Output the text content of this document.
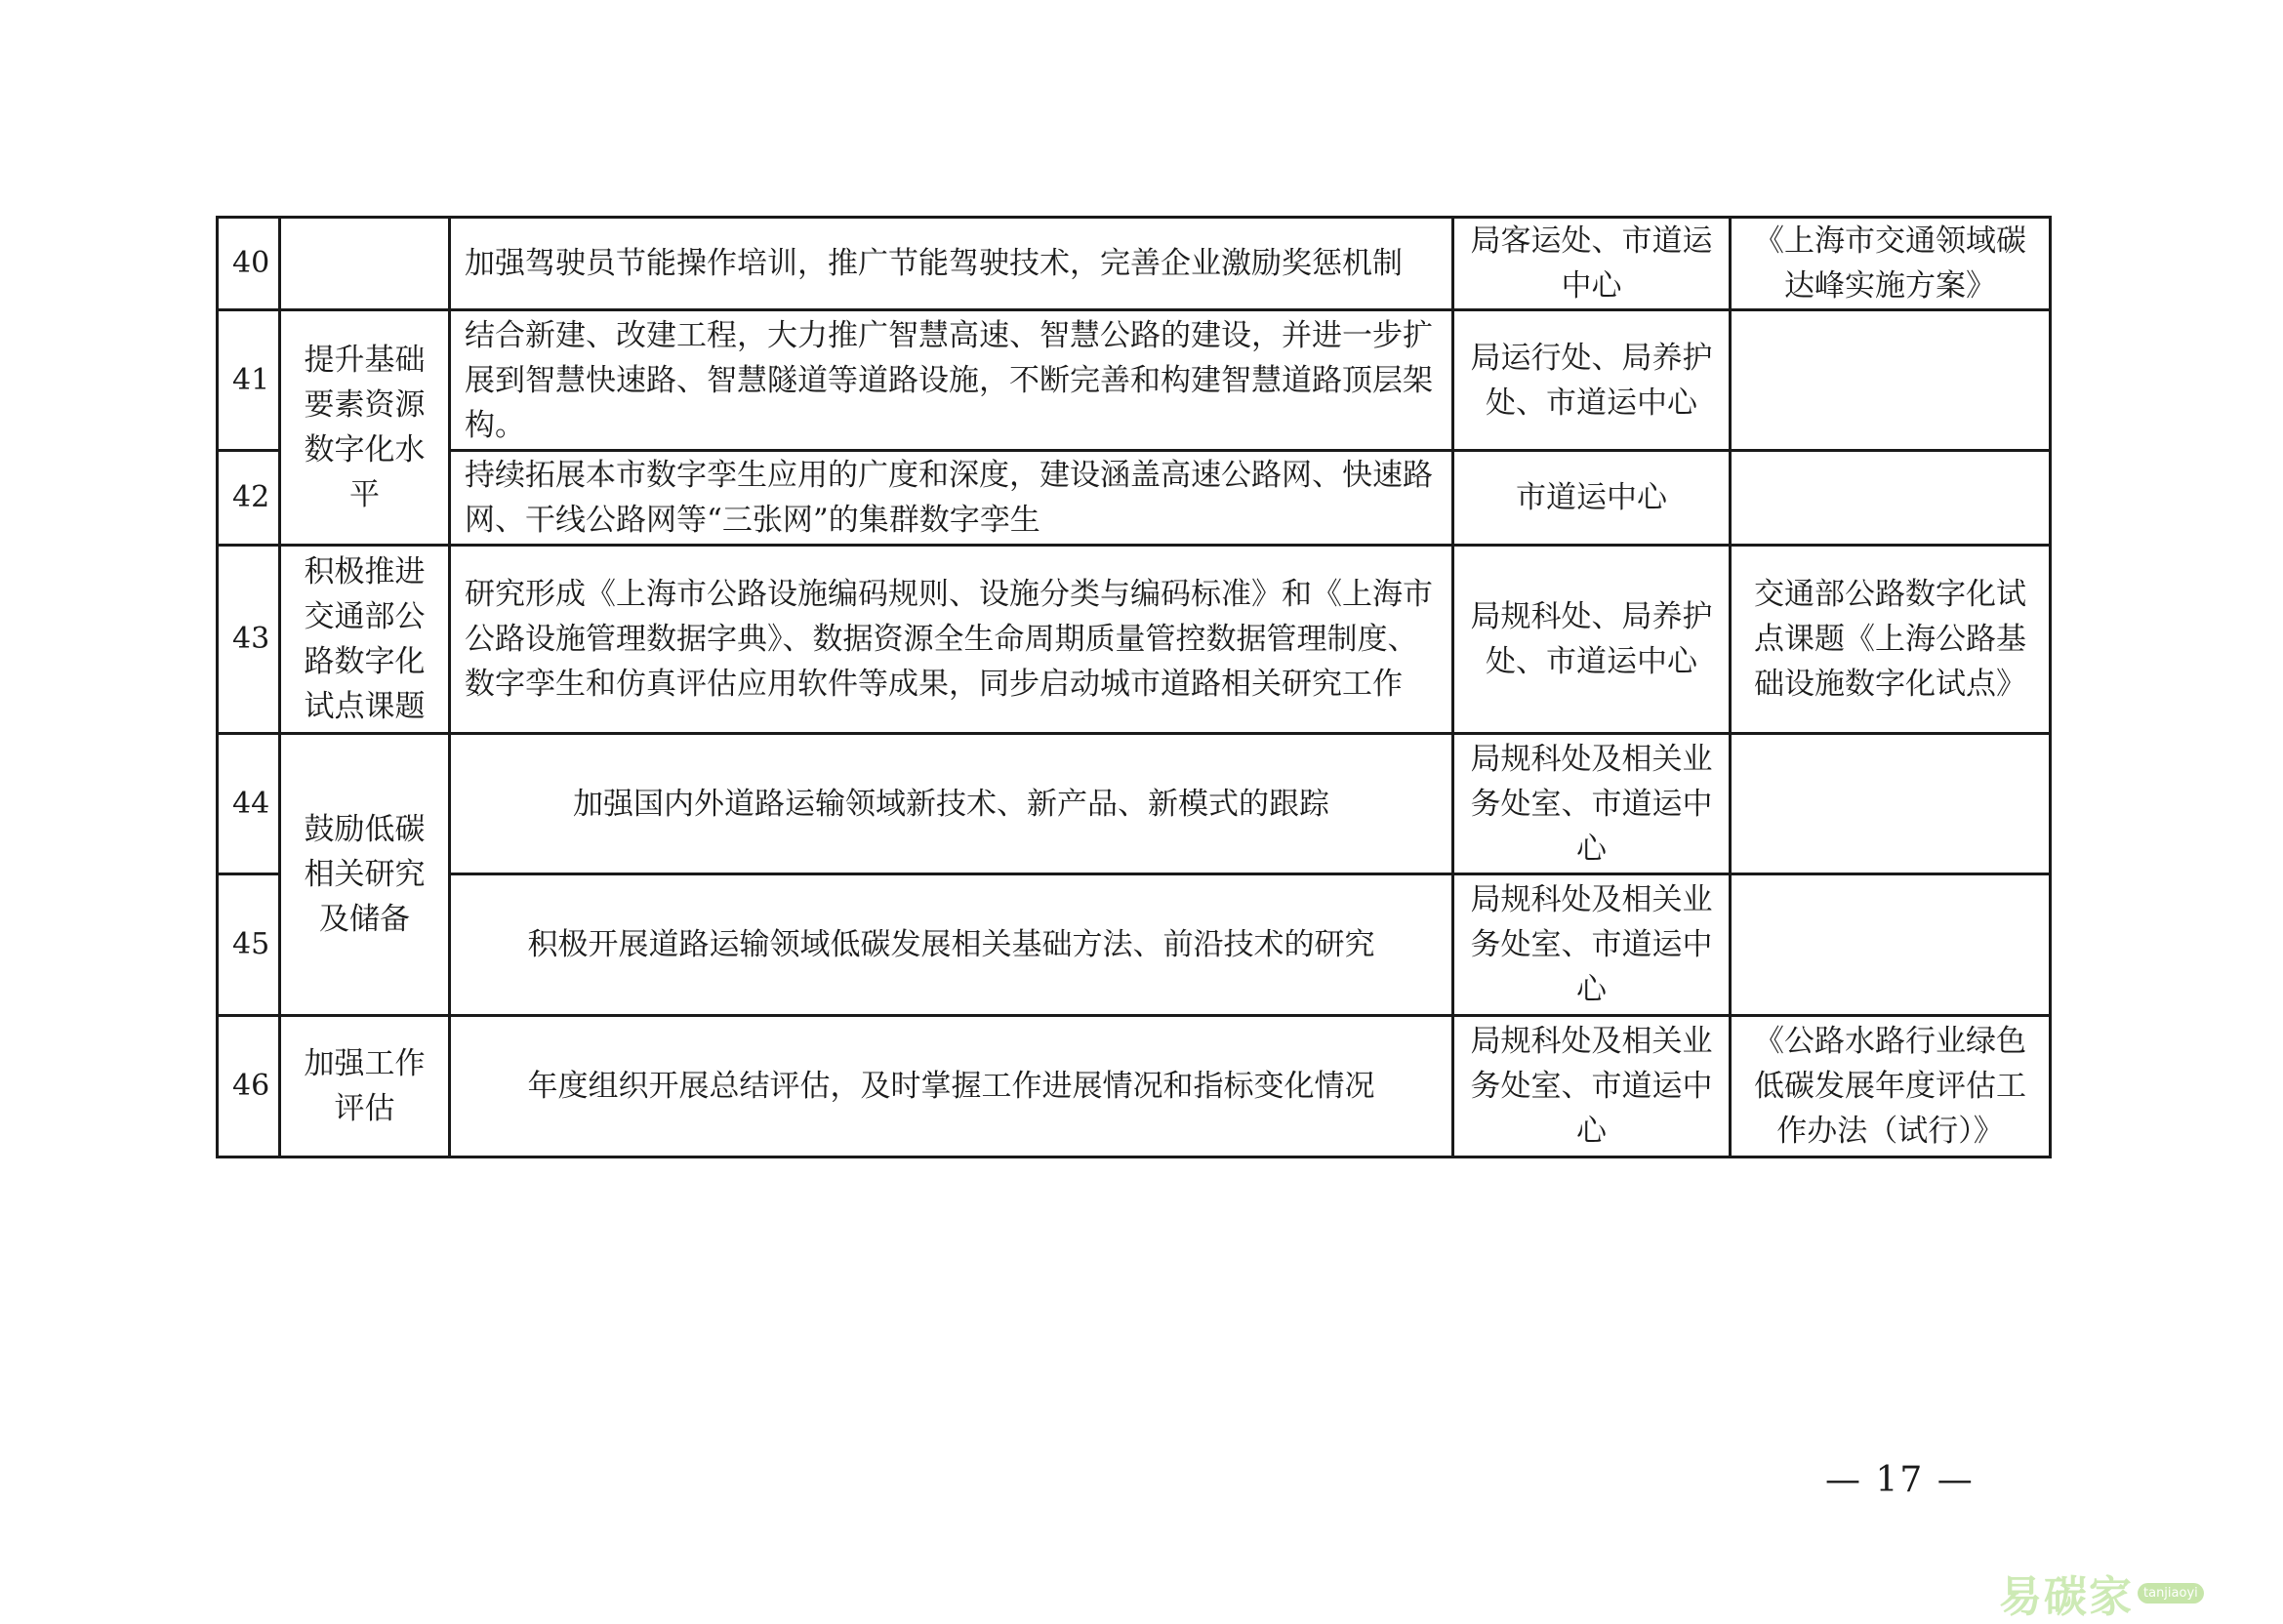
40		加强驾驶员节能操作培训，推广节能驾驶技术，完善企业激励奖惩机制	局客运处、市道运中心	《上海市交通领域碳达峰实施方案》
41	提升基础要素资源数字化水平	结合新建、改建工程，大力推广智慧高速、智慧公路的建设，并进一步扩展到智慧快速路、智慧隧道等道路设施，不断完善和构建智慧道路顶层架构。	局运行处、局养护处、市道运中心	
42		持续拓展本市数字孪生应用的广度和深度，建设涵盖高速公路网、快速路网、干线公路网等“三张网”的集群数字孪生	市道运中心	
43	积极推进交通部公路数字化试点课题	研究形成《上海市公路设施编码规则、设施分类与编码标准》和《上海市公路设施管理数据字典》、数据资源全生命周期质量管控数据管理制度、数字孪生和仿真评估应用软件等成果，同步启动城市道路相关研究工作	局规科处、局养护处、市道运中心	交通部公路数字化试点课题《上海公路基础设施数字化试点》
44	鼓励低碳相关研究及储备	加强国内外道路运输领域新技术、新产品、新模式的跟踪	局规科处及相关业务处室、市道运中心	
45		积极开展道路运输领域低碳发展相关基础方法、前沿技术的研究	局规科处及相关业务处室、市道运中心	
46	加强工作评估	年度组织开展总结评估，及时掌握工作进展情况和指标变化情况	局规科处及相关业务处室、市道运中心	《公路水路行业绿色低碳发展年度评估工作办法（试行）》
— 17 —
易碳家 tanjiaoyi
